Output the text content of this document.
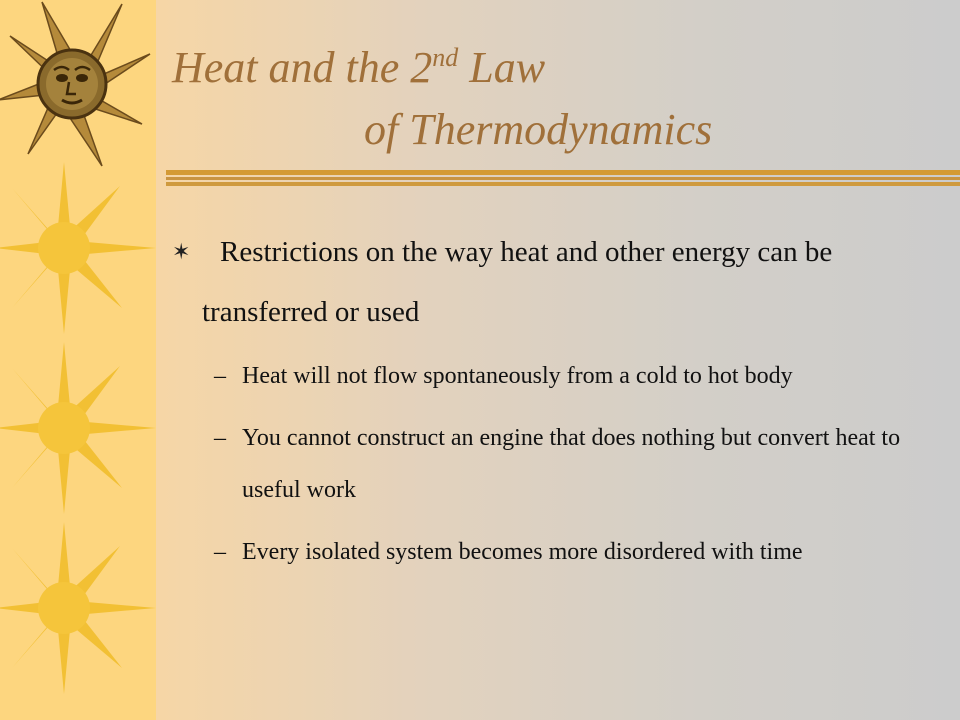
Heat and the 2nd Law
of Thermodynamics
✶	Restrictions on the way heat and other energy can be transferred or used
– Heat will not flow spontaneously from a cold to hot body
– You cannot construct an engine that does nothing but convert heat to useful work
– Every isolated system becomes more disordered with time
